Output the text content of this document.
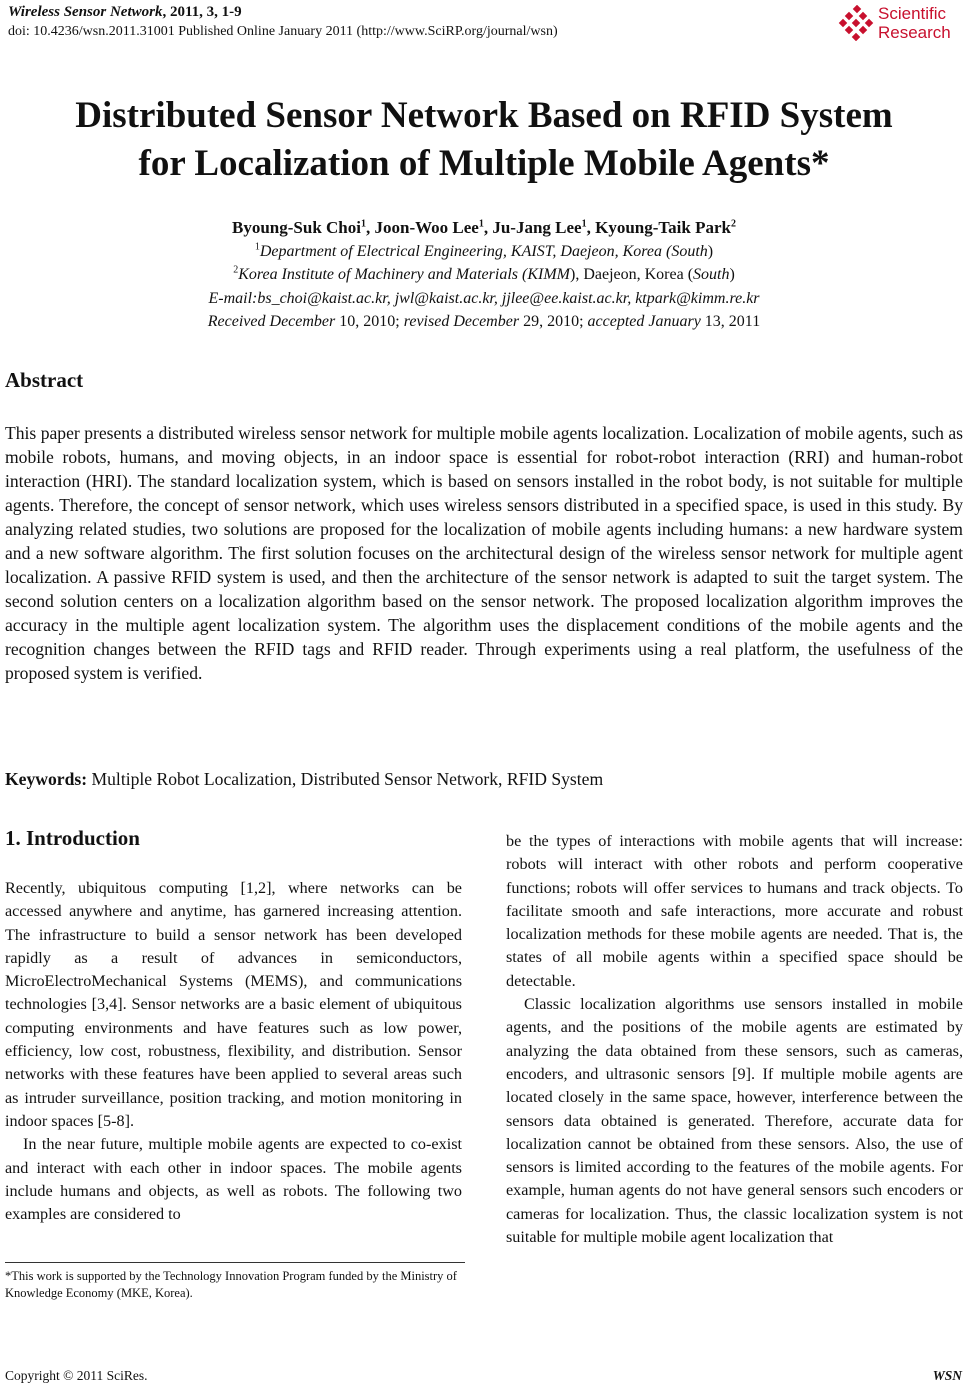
Wireless Sensor Network, 2011, 3, 1-9
doi: 10.4236/wsn.2011.31001 Published Online January 2011 (http://www.SciRP.org/journal/wsn)
Scientific
Research
Distributed Sensor Network Based on RFID System
for Localization of Multiple Mobile Agents*
Byoung-Suk Choi$^1$, Joon-Woo Lee$^1$, Ju-Jang Lee$^1$, Kyoung-Taik Park$^2$
$^1$Department of Electrical Engineering, KAIST, Daejeon, Korea (South)
$^2$Korea Institute of Machinery and Materials (KIMM), Daejeon, Korea (South)
E-mail:bs_choi@kaist.ac.kr, jwl@kaist.ac.kr, jjlee@ee.kaist.ac.kr, ktpark@kimm.re.kr
Received December 10, 2010; revised December 29, 2010; accepted January 13, 2011
Abstract

This paper presents a distributed wireless sensor network for multiple mobile agents localization. Localization of mobile agents, such as mobile robots, humans, and moving objects, in an indoor space is essential for robot-robot interaction (RRI) and human-robot interaction (HRI). The standard localization system, which is based on sensors installed in the robot body, is not suitable for multiple agents. Therefore, the concept of sensor network, which uses wireless sensors distributed in a specified space, is used in this study. By analyzing related studies, two solutions are proposed for the localization of mobile agents including humans: a new hardware system and a new software algorithm. The first solution focuses on the architectural design of the wireless sensor network for multiple agent localization. A passive RFID system is used, and then the architecture of the sensor network is adapted to suit the target system. The second solution centers on a localization algorithm based on the sensor network. The proposed localization algorithm improves the accuracy in the multiple agent localization system. The algorithm uses the displacement conditions of the mobile agents and the recognition changes between the RFID tags and RFID reader. Through experiments using a real platform, the usefulness of the proposed system is verified.

Keywords: Multiple Robot Localization, Distributed Sensor Network, RFID System
1. Introduction

Recently, ubiquitous computing [1,2], where networks can be accessed anywhere and anytime, has garnered increasing attention. The infrastructure to build a sensor network has been developed rapidly as a result of advances in semiconductors, MicroElectroMechanical Systems (MEMS), and communications technologies [3,4]. Sensor networks are a basic element of ubiquitous computing environments and have features such as low power, efficiency, low cost, robustness, flexibility, and distribution. Sensor networks with these features have been applied to several areas such as intruder surveillance, position tracking, and motion monitoring in indoor spaces [5-8].

In the near future, multiple mobile agents are expected to co-exist and interact with each other in indoor spaces. The mobile agents include humans and objects, as well as robots. The following two examples are considered to

be the types of interactions with mobile agents that will increase: robots will interact with other robots and perform cooperative functions; robots will offer services to humans and track objects. To facilitate smooth and safe interactions, more accurate and robust localization methods for these mobile agents are needed. That is, the states of all mobile agents within a specified space should be detectable.

Classic localization algorithms use sensors installed in mobile agents, and the positions of the mobile agents are estimated by analyzing the data obtained from these sensors, such as cameras, encoders, and ultrasonic sensors [9]. If multiple mobile agents are located closely in the same space, however, interference between the sensors data obtained is generated. Therefore, accurate data for localization cannot be obtained from these sensors. Also, the use of sensors is limited according to the features of the mobile agents. For example, human agents do not have general sensors such encoders or cameras for localization. Thus, the classic localization system is not suitable for multiple mobile agent localization that

*This work is supported by the Technology Innovation Program funded by the Ministry of Knowledge Economy (MKE, Korea).
Copyright © 2011 SciRes.	WSN
